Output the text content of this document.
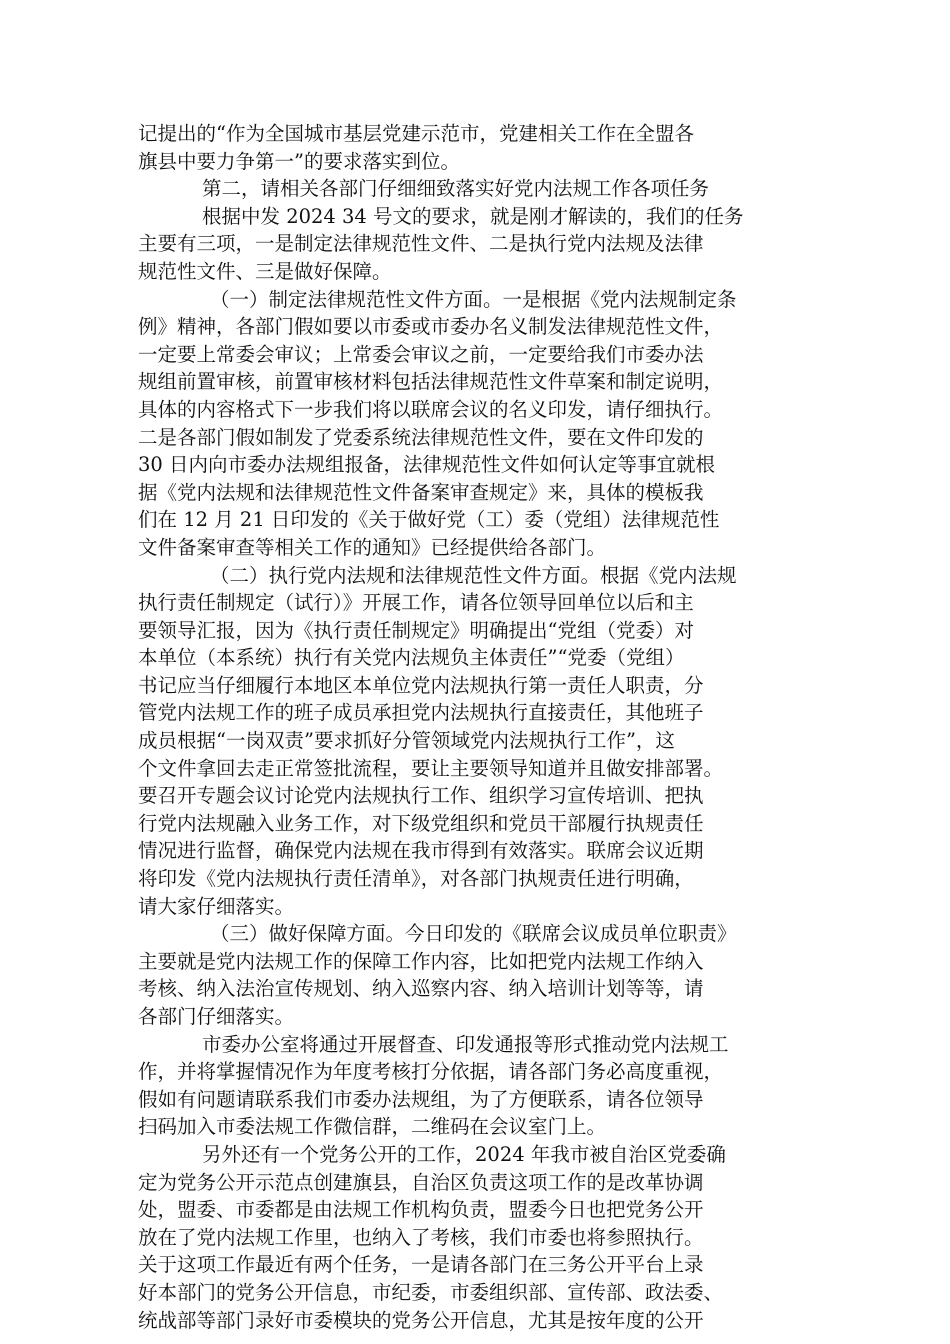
记提出的“作为全国城市基层党建示范市，党建相关工作在全盟各
旗县中要力争第一”的要求落实到位。
第二，请相关各部门仔细细致落实好党内法规工作各项任务
根据中发 2024 34 号文的要求，就是刚才解读的，我们的任务
主要有三项，一是制定法律规范性文件、二是执行党内法规及法律
规范性文件、三是做好保障。
（一）制定法律规范性文件方面。一是根据《党内法规制定条
例》精神，各部门假如要以市委或市委办名义制发法律规范性文件，
一定要上常委会审议；上常委会审议之前，一定要给我们市委办法
规组前置审核，前置审核材料包括法律规范性文件草案和制定说明，
具体的内容格式下一步我们将以联席会议的名义印发，请仔细执行。
二是各部门假如制发了党委系统法律规范性文件，要在文件印发的
30 日内向市委办法规组报备，法律规范性文件如何认定等事宜就根
据《党内法规和法律规范性文件备案审查规定》来，具体的模板我
们在 12 月 21 日印发的《关于做好党（工）委（党组）法律规范性
文件备案审查等相关工作的通知》已经提供给各部门。
（二）执行党内法规和法律规范性文件方面。根据《党内法规
执行责任制规定（试行）》开展工作，请各位领导回单位以后和主
要领导汇报，因为《执行责任制规定》明确提出“党组（党委）对
本单位（本系统）执行有关党内法规负主体责任”“党委（党组）
书记应当仔细履行本地区本单位党内法规执行第一责任人职责，分
管党内法规工作的班子成员承担党内法规执行直接责任，其他班子
成员根据“一岗双责”要求抓好分管领域党内法规执行工作”，这
个文件拿回去走正常签批流程，要让主要领导知道并且做安排部署。
要召开专题会议讨论党内法规执行工作、组织学习宣传培训、把执
行党内法规融入业务工作，对下级党组织和党员干部履行执规责任
情况进行监督，确保党内法规在我市得到有效落实。联席会议近期
将印发《党内法规执行责任清单》，对各部门执规责任进行明确，
请大家仔细落实。
（三）做好保障方面。今日印发的《联席会议成员单位职责》
主要就是党内法规工作的保障工作内容，比如把党内法规工作纳入
考核、纳入法治宣传规划、纳入巡察内容、纳入培训计划等等，请
各部门仔细落实。
市委办公室将通过开展督查、印发通报等形式推动党内法规工
作，并将掌握情况作为年度考核打分依据，请各部门务必高度重视，
假如有问题请联系我们市委办法规组，为了方便联系，请各位领导
扫码加入市委法规工作微信群，二维码在会议室门上。
另外还有一个党务公开的工作，2024 年我市被自治区党委确
定为党务公开示范点创建旗县，自治区负责这项工作的是改革协调
处，盟委、市委都是由法规工作机构负责，盟委今日也把党务公开
放在了党内法规工作里，也纳入了考核，我们市委也将参照执行。
关于这项工作最近有两个任务，一是请各部门在三务公开平台上录
好本部门的党务公开信息，市纪委，市委组织部、宣传部、政法委、
统战部等部门录好市委模块的党务公开信息，尤其是按年度的公开
